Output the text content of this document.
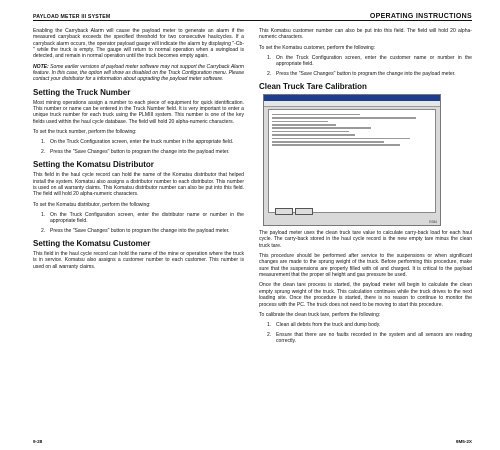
PAYLOAD METER III SYSTEM	OPERATING INSTRUCTIONS

Enabling the Carryback Alarm will cause the payload meter to generate an alarm if the measured carryback exceeds the specified threshold for two consecutive haulcycles. If a carryback alarm occurs, the operator payload gauge will indicate the alarm by displaying "-Cb-" while the truck is empty. The gauge will return to normal operation when a swingload is detected, and remain in normal operation until the truck becomes empty again.

NOTE: Some earlier versions of payload meter software may not support the Carryback Alarm feature. In this case, the option will show as disabled on the Truck Configuration menu. Please contact your distributor for a information about upgrading the payload meter software.

Setting the Truck Number

Most mining operations assign a number to each piece of equipment for quick identification. This number or name can be entered in the Truck Number field. It is very important to enter a unique truck number for each truck using the PLMIII system. This number is one of the key fields used within the haul cycle database. The field will hold 20 alpha-numeric characters.

To set the truck number, perform the following:

1. On the Truck Configuration screen, enter the truck number in the appropriate field.
2. Press the "Save Changes" button to program the change into the payload meter.
Setting the Komatsu Distributor

This field in the haul cycle record can hold the name of the Komatsu distributor that helped install the system. Komatsu also assigns a distributor number to each distributor. This number is used on all warranty claims. This Komatsu distributor number can also be put into this field. The field will hold 20 alpha-numeric characters.

To set the Komatsu distributor, perform the following:

1. On the Truck Configuration screen, enter the distributor name or number in the appropriate field.
2. Press the "Save Changes" button to program the change into the payload meter.
Setting the Komatsu Customer

This field in the haul cycle record can hold the name of the mine or operation where the truck is in service. Komatsu also assigns a customer number to each customer. This number is used on all warranty claims.

This Komatsu customer number can also be put into this field. The field will hold 20 alpha-numeric characters.

To set the Komatsu customer, perform the following:

1. On the Truck Configuration screen, enter the customer name or number in the appropriate field.
2. Press the "Save Changes" button to program the change into the payload meter.
Clean Truck Tare Calibration
ES84

The payload meter uses the clean truck tare value to calculate carry-back load for each haul cycle. The carry-back stored in the haul cycle record is the new empty tare minus the clean truck tare.

This procedure should be performed after service to the suspensions or when significant changes are made to the sprung weight of the truck. Before performing this procedure, make sure that the suspensions are properly filled with oil and charged. It is critical to the payload measurement that the proper oil height and gas pressure be used.

Once the clean tare process is started, the payload meter will begin to calculate the clean empty sprung weight of the truck. This calculation continues while the truck drives to the next loading site. Once the procedure is started, there is no reason to continue to monitor the process with the PC. The truck does not need to be moving to start this procedure.

To calibrate the clean truck tare, perform the following:

1. Clean all debris from the truck and dump body.
2. Ensure that there are no faults recorded in the system and all sensors are reading correctly.
9-28	9M5-2X
